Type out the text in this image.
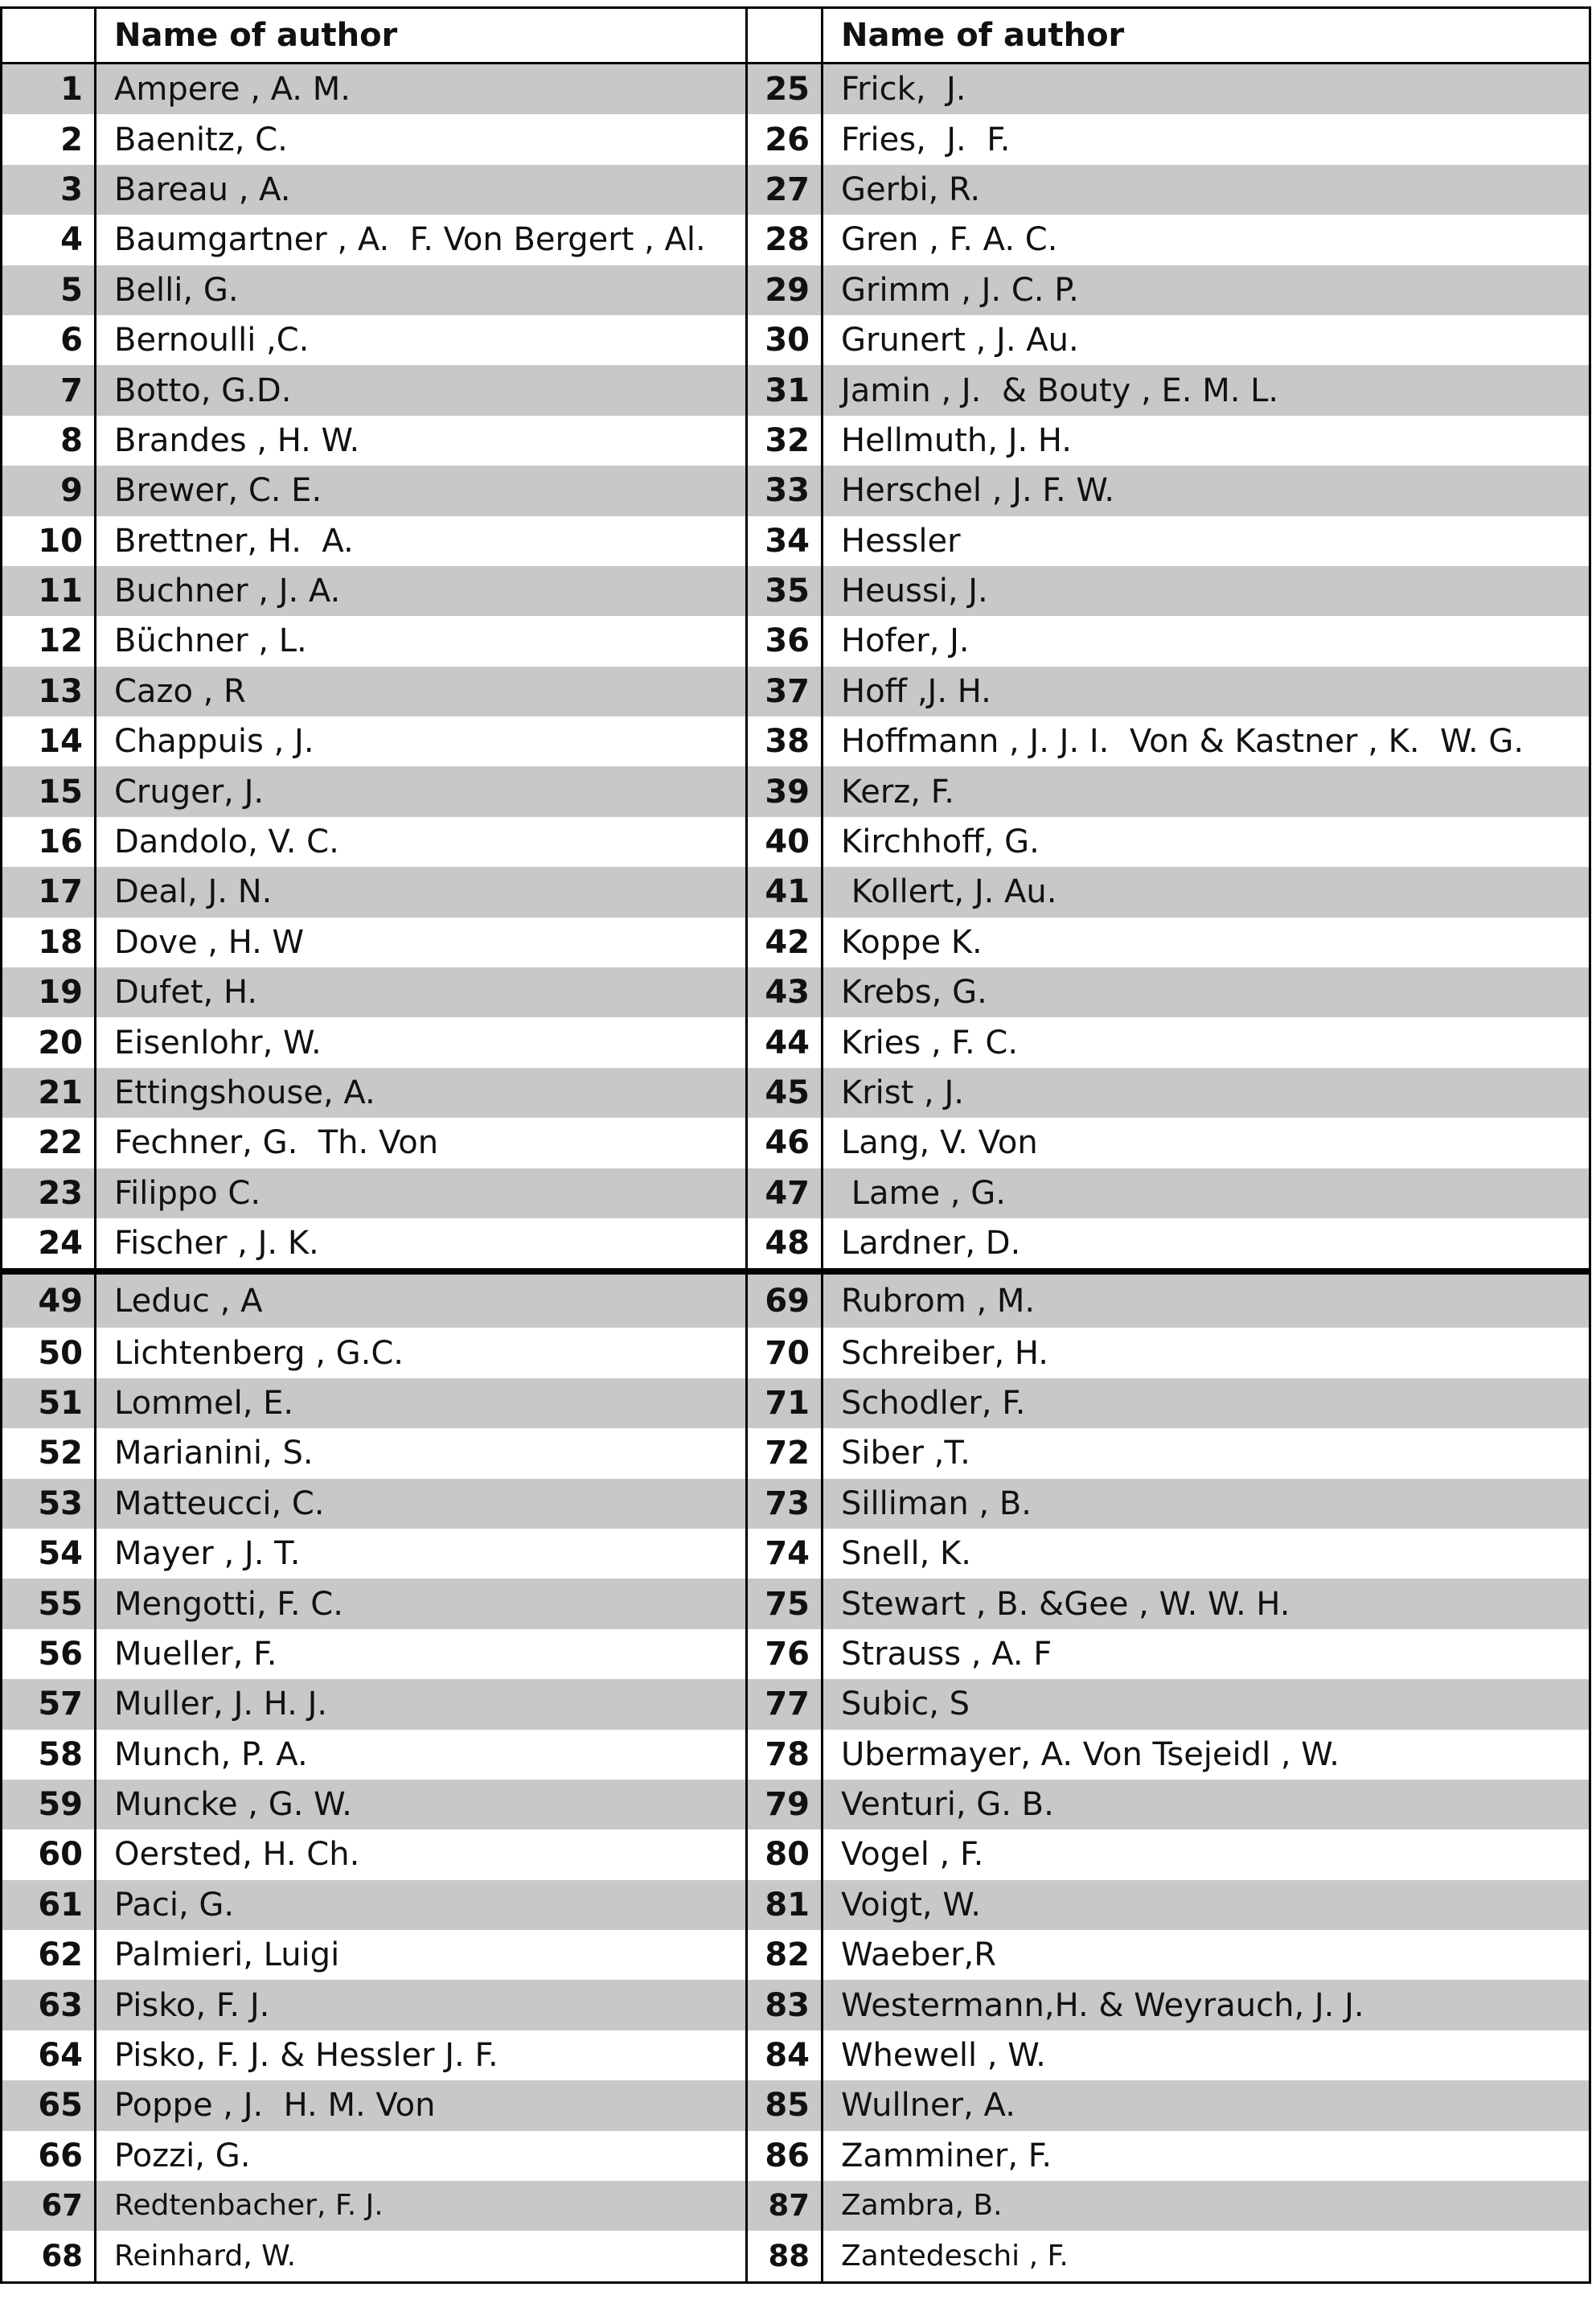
	Name of author		Name of author
1	Ampere , A. M.	25	Frick,  J.
2	Baenitz, C.	26	Fries,  J.  F.
3	Bareau , A.	27	Gerbi, R.
4	Baumgartner , A.  F. Von Bergert , Al.	28	Gren , F. A. C.
5	Belli, G.	29	Grimm , J. C. P.
6	Bernoulli ,C.	30	Grunert , J. Au.
7	Botto, G.D.	31	Jamin , J.  & Bouty , E. M. L.
8	Brandes , H. W.	32	Hellmuth, J. H.
9	Brewer, C. E.	33	Herschel , J. F. W.
10	Brettner, H.  A.	34	Hessler
11	Buchner , J. A.	35	Heussi, J.
12	Büchner , L.	36	Hofer, J.
13	Cazo , R	37	Hoff ,J. H.
14	Chappuis , J.	38	Hoffmann , J. J. I.  Von & Kastner , K.  W. G.
15	Cruger, J.	39	Kerz, F.
16	Dandolo, V. C.	40	Kirchhoff, G.
17	Deal, J. N.	41	Kollert, J. Au.
18	Dove , H. W	42	Koppe K.
19	Dufet, H.	43	Krebs, G.
20	Eisenlohr, W.	44	Kries , F. C.
21	Ettingshouse, A.	45	Krist , J.
22	Fechner, G.  Th. Von	46	Lang, V. Von
23	Filippo C.	47	Lame , G.
24	Fischer , J. K.	48	Lardner, D.
49	Leduc , A	69	Rubrom , M.
50	Lichtenberg , G.C.	70	Schreiber, H.
51	Lommel, E.	71	Schodler, F.
52	Marianini, S.	72	Siber ,T.
53	Matteucci, C.	73	Silliman , B.
54	Mayer , J. T.	74	Snell, K.
55	Mengotti, F. C.	75	Stewart , B. &Gee , W. W. H.
56	Mueller, F.	76	Strauss , A. F
57	Muller, J. H. J.	77	Subic, S
58	Munch, P. A.	78	Ubermayer, A. Von Tsejeidl , W.
59	Muncke , G. W.	79	Venturi, G. B.
60	Oersted, H. Ch.	80	Vogel , F.
61	Paci, G.	81	Voigt, W.
62	Palmieri, Luigi	82	Waeber,R
63	Pisko, F. J.	83	Westermann,H. & Weyrauch, J. J.
64	Pisko, F. J. & Hessler J. F.	84	Whewell , W.
65	Poppe , J.  H. M. Von	85	Wullner, A.
66	Pozzi, G.	86	Zamminer, F.
67	Redtenbacher, F. J.	87	Zambra, B.
68	Reinhard, W.	88	Zantedeschi , F.
